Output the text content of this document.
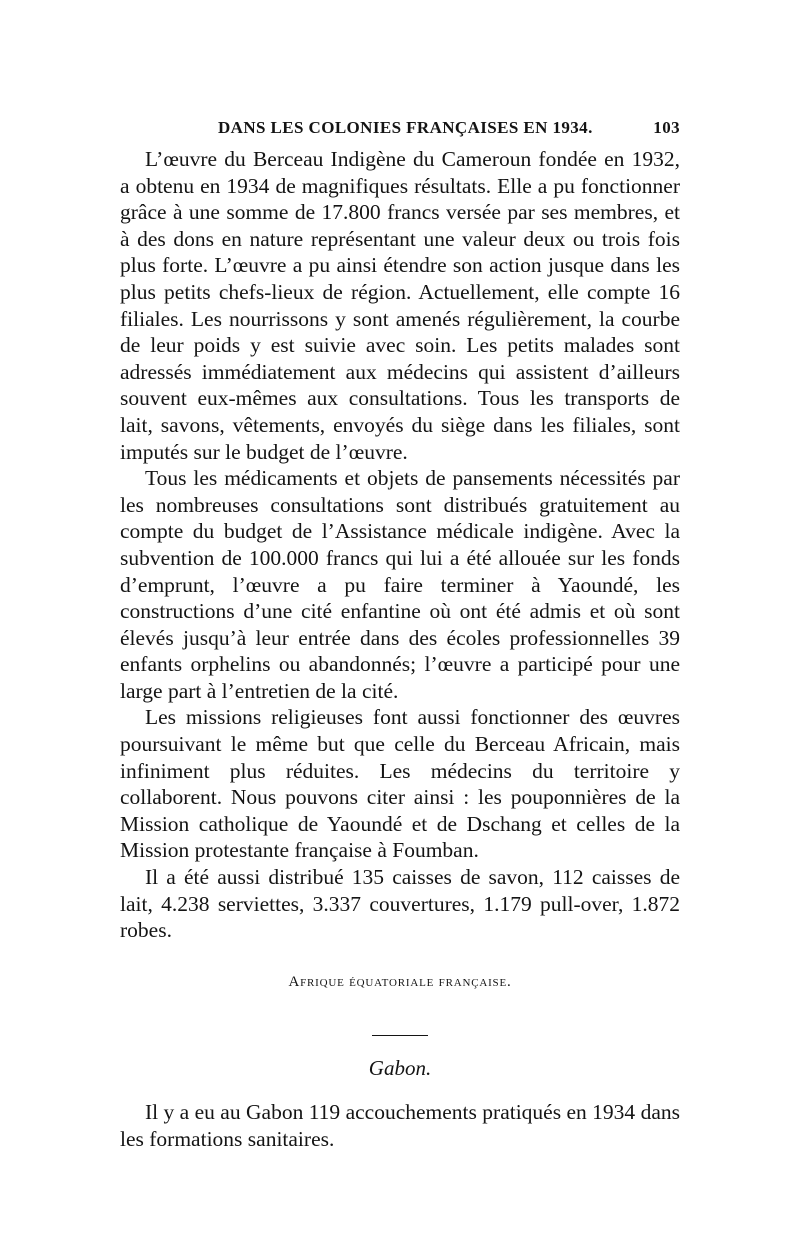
DANS LES COLONIES FRANÇAISES EN 1934.	103

L’œuvre du Berceau Indigène du Cameroun fondée en 1932, a obtenu en 1934 de magnifiques résultats. Elle a pu fonctionner grâce à une somme de 17.800 francs versée par ses membres, et à des dons en nature représentant une valeur deux ou trois fois plus forte. L’œuvre a pu ainsi étendre son action jusque dans les plus petits chefs-lieux de région. Actuellement, elle compte 16 filiales. Les nourrissons y sont amenés régulièrement, la courbe de leur poids y est suivie avec soin. Les petits malades sont adressés immédiatement aux médecins qui assistent d’ailleurs souvent eux-mêmes aux consultations. Tous les transports de lait, savons, vêtements, envoyés du siège dans les filiales, sont imputés sur le budget de l’œuvre.

Tous les médicaments et objets de pansements nécessités par les nombreuses consultations sont distribués gratuitement au compte du budget de l’Assistance médicale indigène. Avec la subvention de 100.000 francs qui lui a été allouée sur les fonds d’emprunt, l’œuvre a pu faire terminer à Yaoundé, les constructions d’une cité enfantine où ont été admis et où sont élevés jusqu’à leur entrée dans des écoles professionnelles 39 enfants orphelins ou abandonnés; l’œuvre a participé pour une large part à l’entretien de la cité.

Les missions religieuses font aussi fonctionner des œuvres poursuivant le même but que celle du Berceau Africain, mais infiniment plus réduites. Les médecins du territoire y collaborent. Nous pouvons citer ainsi : les pouponnières de la Mission catholique de Yaoundé et de Dschang et celles de la Mission protestante française à Foumban.

Il a été aussi distribué 135 caisses de savon, 112 caisses de lait, 4.238 serviettes, 3.337 couvertures, 1.179 pull-over, 1.872 robes.

Afrique équatoriale française.
Gabon.

Il y a eu au Gabon 119 accouchements pratiqués en 1934 dans les formations sanitaires.
